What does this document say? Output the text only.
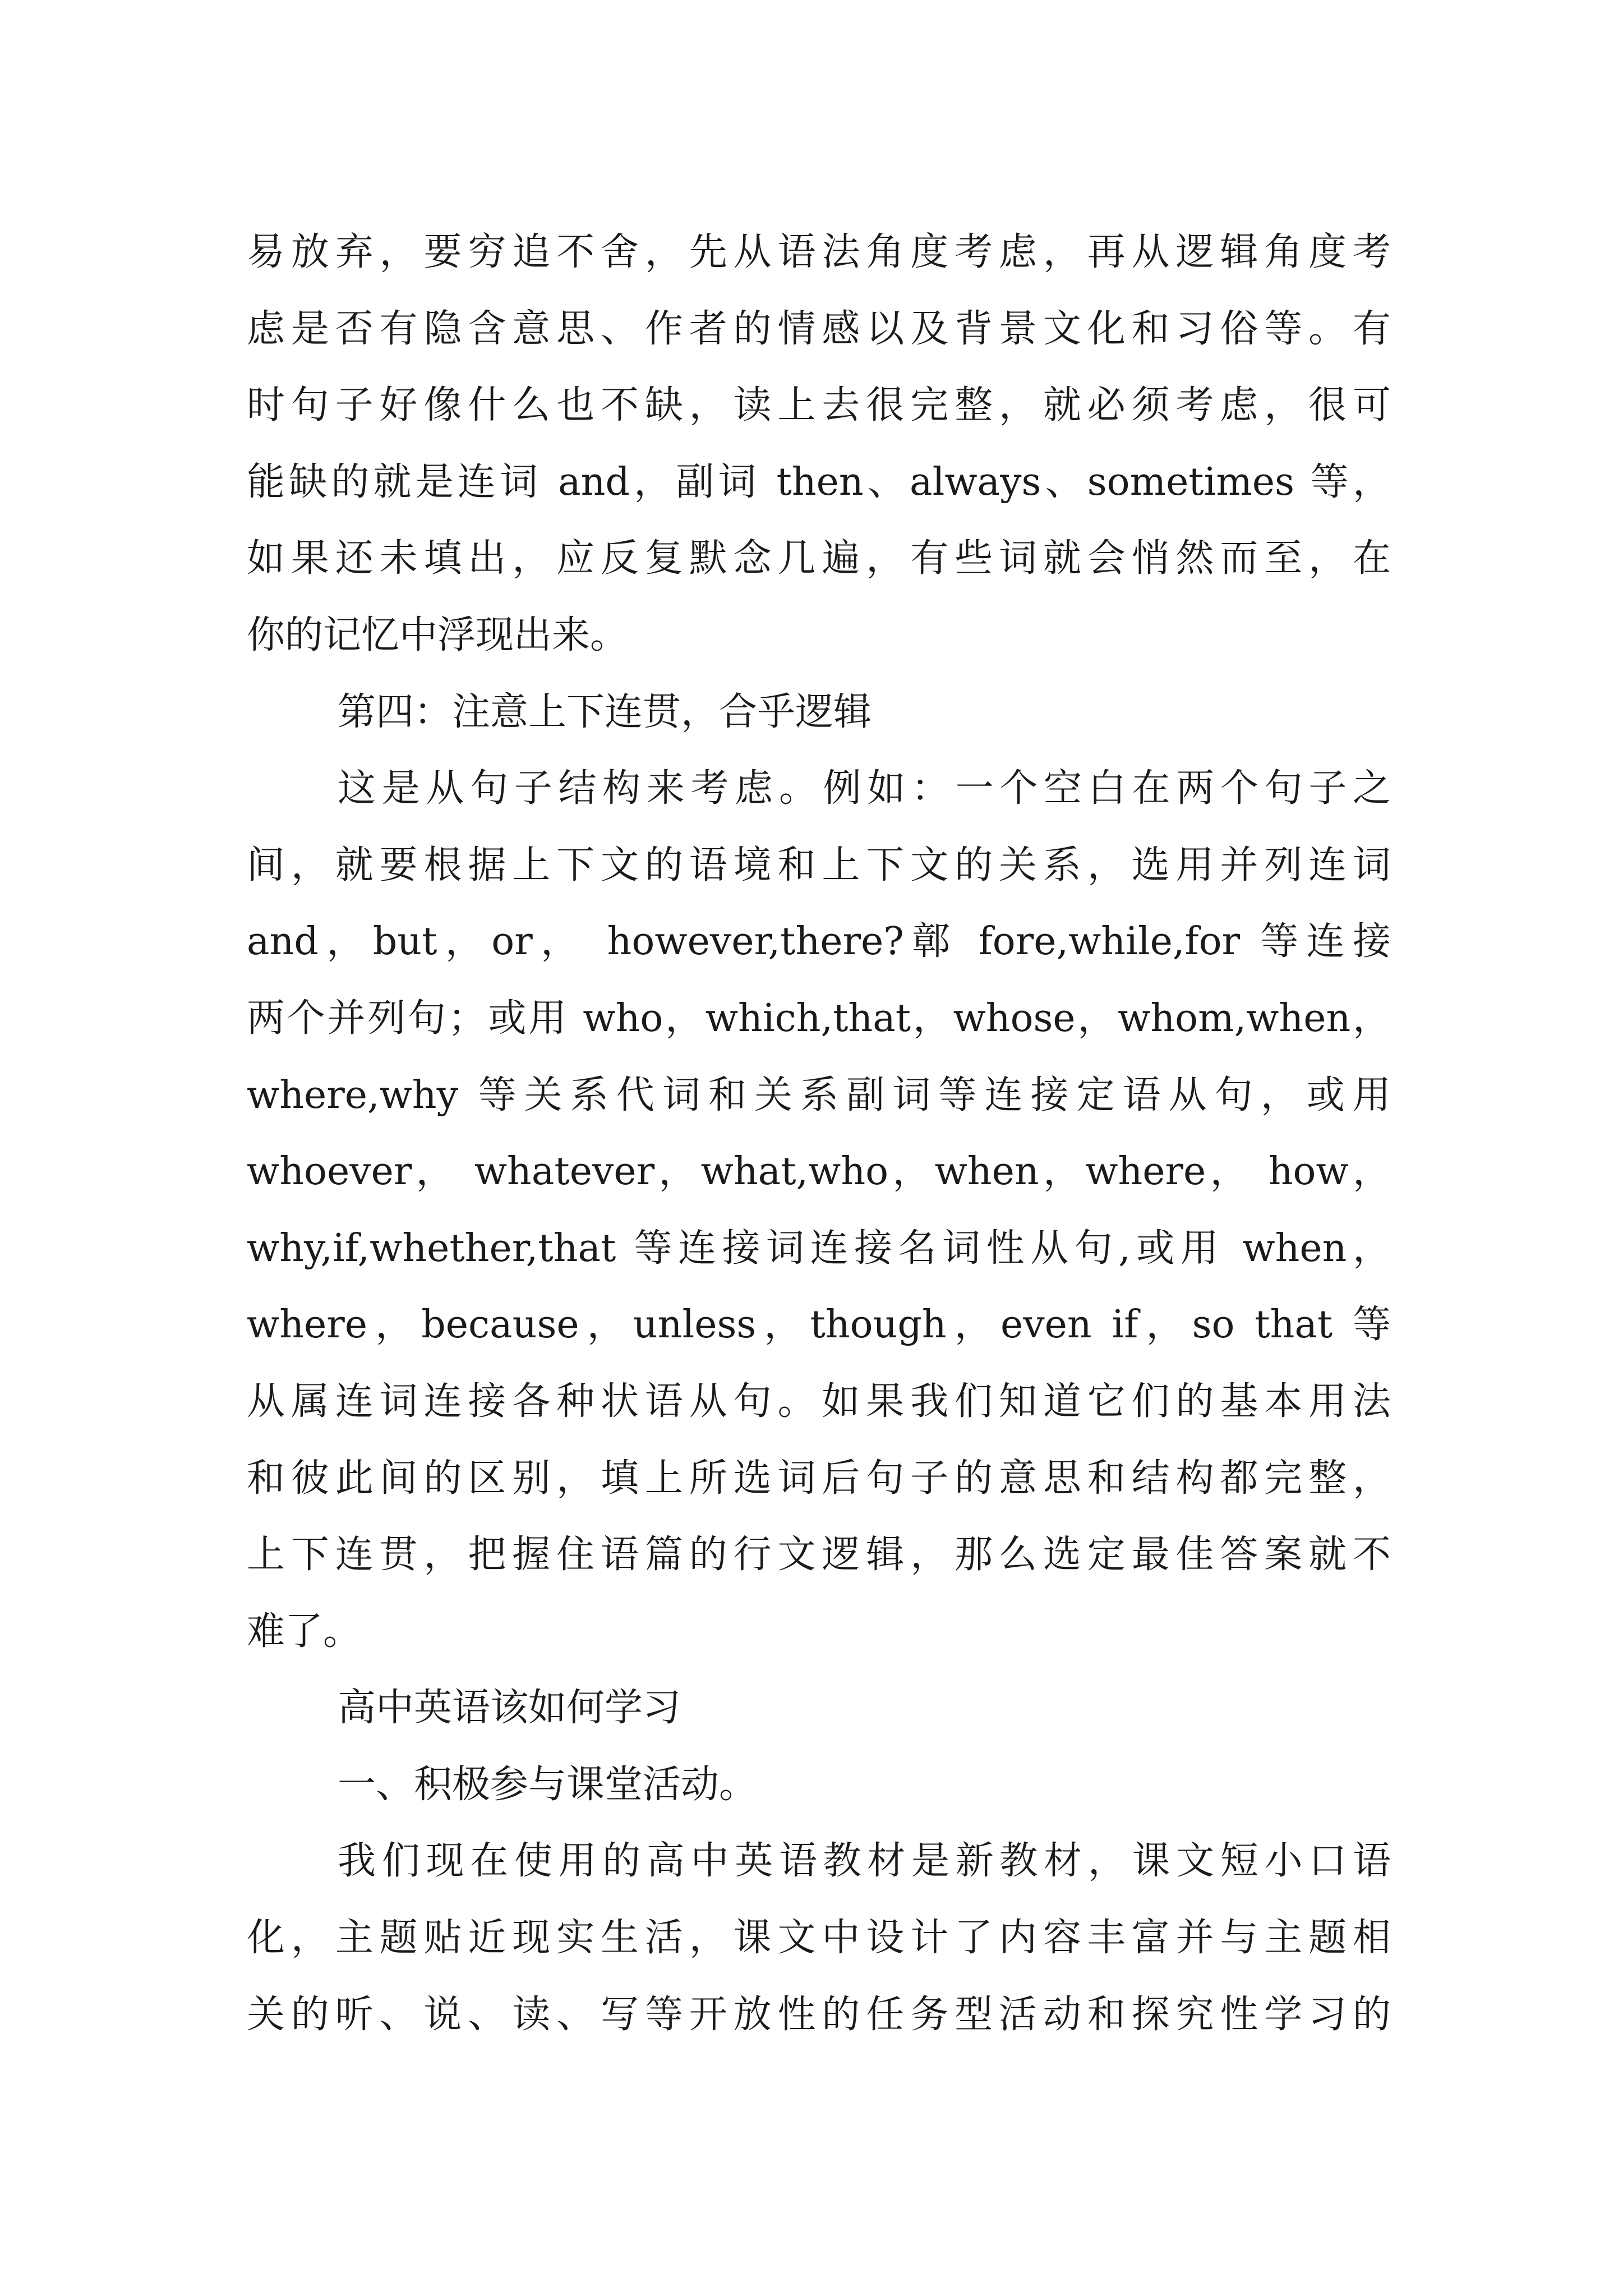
易放弃，要穷追不舍，先从语法角度考虑，再从逻辑角度考
虑是否有隐含意思、作者的情感以及背景文化和习俗等。有
时句子好像什么也不缺，读上去很完整，就必须考虑，很可
能缺的就是连词 and，副词 then、always、sometimes 等，
如果还未填出，应反复默念几遍，有些词就会悄然而至，在
你的记忆中浮现出来。
第四：注意上下连贯，合乎逻辑
这是从句子结构来考虑。例如：一个空白在两个句子之
间，就要根据上下文的语境和上下文的关系，选用并列连词
and，but，or， however,there?鄣 fore,while,for 等连接
两个并列句；或用 who，which,that，whose，whom,when，
where,why 等关系代词和关系副词等连接定语从句，或用
whoever， whatever，what,who，when，where， how，
why,if,whether,that 等连接词连接名词性从句,或用 when，
where，because，unless，though，even if，so that 等
从属连词连接各种状语从句。如果我们知道它们的基本用法
和彼此间的区别，填上所选词后句子的意思和结构都完整，
上下连贯，把握住语篇的行文逻辑，那么选定最佳答案就不
难了。
高中英语该如何学习
一、积极参与课堂活动。
我们现在使用的高中英语教材是新教材，课文短小口语
化，主题贴近现实生活，课文中设计了内容丰富并与主题相
关的听、说、读、写等开放性的任务型活动和探究性学习的
